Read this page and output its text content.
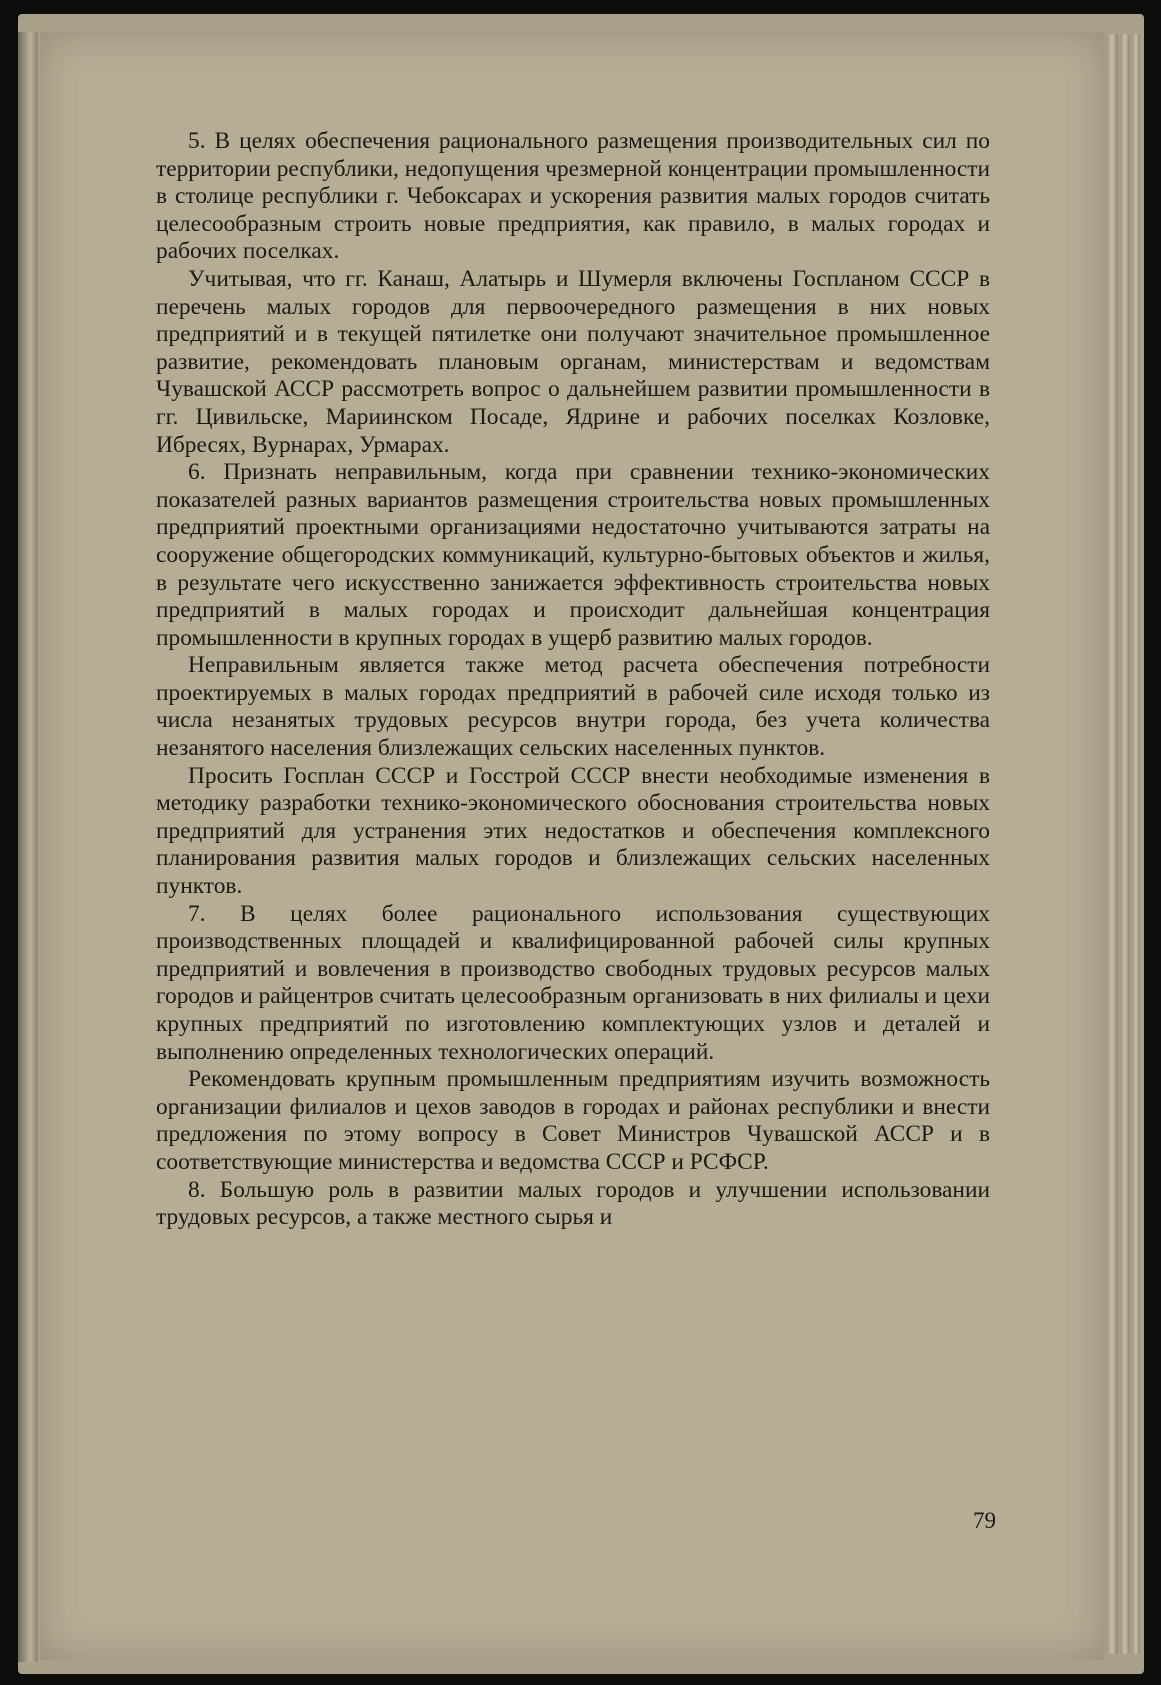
5. В целях обеспечения рационального размещения производительных сил по территории республики, недопущения чрезмерной концентрации промышленности в столице республики г. Чебоксарах и ускорения развития малых городов считать целесообразным строить новые предприятия, как правило, в малых городах и рабочих поселках.

Учитывая, что гг. Канаш, Алатырь и Шумерля включены Госпланом СССР в перечень малых городов для первоочередного размещения в них новых предприятий и в текущей пятилетке они получают значительное промышленное развитие, рекомендовать плановым органам, министерствам и ведомствам Чувашской АССР рассмотреть вопрос о дальнейшем развитии промышленности в гг. Цивильске, Мариинском Посаде, Ядрине и рабочих поселках Козловке, Ибресях, Вурнарах, Урмарах.

6. Признать неправильным, когда при сравнении технико-экономических показателей разных вариантов размещения строительства новых промышленных предприятий проектными организациями недостаточно учитываются затраты на сооружение общегородских коммуникаций, культурно-бытовых объектов и жилья, в результате чего искусственно занижается эффективность строительства новых предприятий в малых городах и происходит дальнейшая концентрация промышленности в крупных городах в ущерб развитию малых городов.

Неправильным является также метод расчета обеспечения потребности проектируемых в малых городах предприятий в рабочей силе исходя только из числа незанятых трудовых ресурсов внутри города, без учета количества незанятого населения близлежащих сельских населенных пунктов.

Просить Госплан СССР и Госстрой СССР внести необходимые изменения в методику разработки технико-экономического обоснования строительства новых предприятий для устранения этих недостатков и обеспечения комплексного планирования развития малых городов и близлежащих сельских населенных пунктов.

7. В целях более рационального использования существующих производственных площадей и квалифицированной рабочей силы крупных предприятий и вовлечения в производство свободных трудовых ресурсов малых городов и райцентров считать целесообразным организовать в них филиалы и цехи крупных предприятий по изготовлению комплектующих узлов и деталей и выполнению определенных технологических операций.

Рекомендовать крупным промышленным предприятиям изучить возможность организации филиалов и цехов заводов в городах и районах республики и внести предложения по этому вопросу в Совет Министров Чувашской АССР и в соответствующие министерства и ведомства СССР и РСФСР.

8. Большую роль в развитии малых городов и улучшении использовании трудовых ресурсов, а также местного сырья и

79
